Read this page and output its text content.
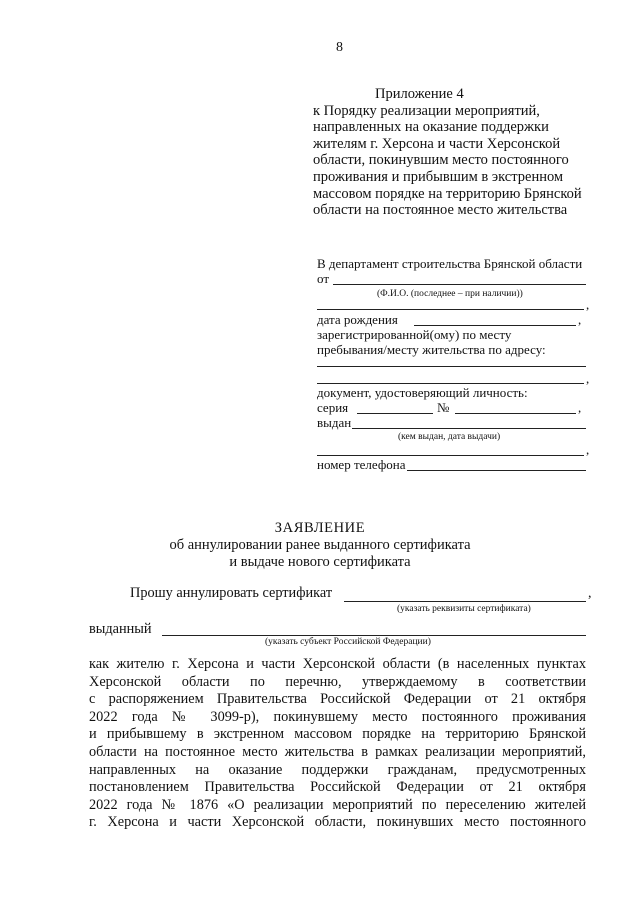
8
Приложение 4
к Порядку реализации мероприятий,
направленных на оказание поддержки
жителям г. Херсона и части Херсонской
области, покинувшим место постоянного
проживания и прибывшим в экстренном
массовом порядке на территорию Брянской
области на постоянное место жительства
В департамент строительства Брянской области
от
(Ф.И.О. (последнее – при наличии))
,
дата рождения	,
зарегистрированной(ому) по месту
пребывания/месту жительства по адресу:
,
документ, удостоверяющий личность:
серия	№	,
выдан
(кем выдан, дата выдачи)
,
номер телефона
ЗАЯВЛЕНИЕ
об аннулировании ранее выданного сертификата
и выдаче нового сертификата
Прошу аннулировать сертификат	,
(указать реквизиты сертификата)
выданный
(указать субъект Российской Федерации)
как жителю г. Херсона и части Херсонской области (в населенных пунктах
Херсонской области по перечню, утверждаемому в соответствии
с распоряжением Правительства Российской Федерации от 21 октября
2022 года № 3099-р), покинувшему место постоянного проживания
и прибывшему в экстренном массовом порядке на территорию Брянской
области на постоянное место жительства в рамках реализации мероприятий,
направленных на оказание поддержки гражданам, предусмотренных
постановлением Правительства Российской Федерации от 21 октября
2022 года № 1876 «О реализации мероприятий по переселению жителей
г. Херсона и части Херсонской области, покинувших место постоянного
